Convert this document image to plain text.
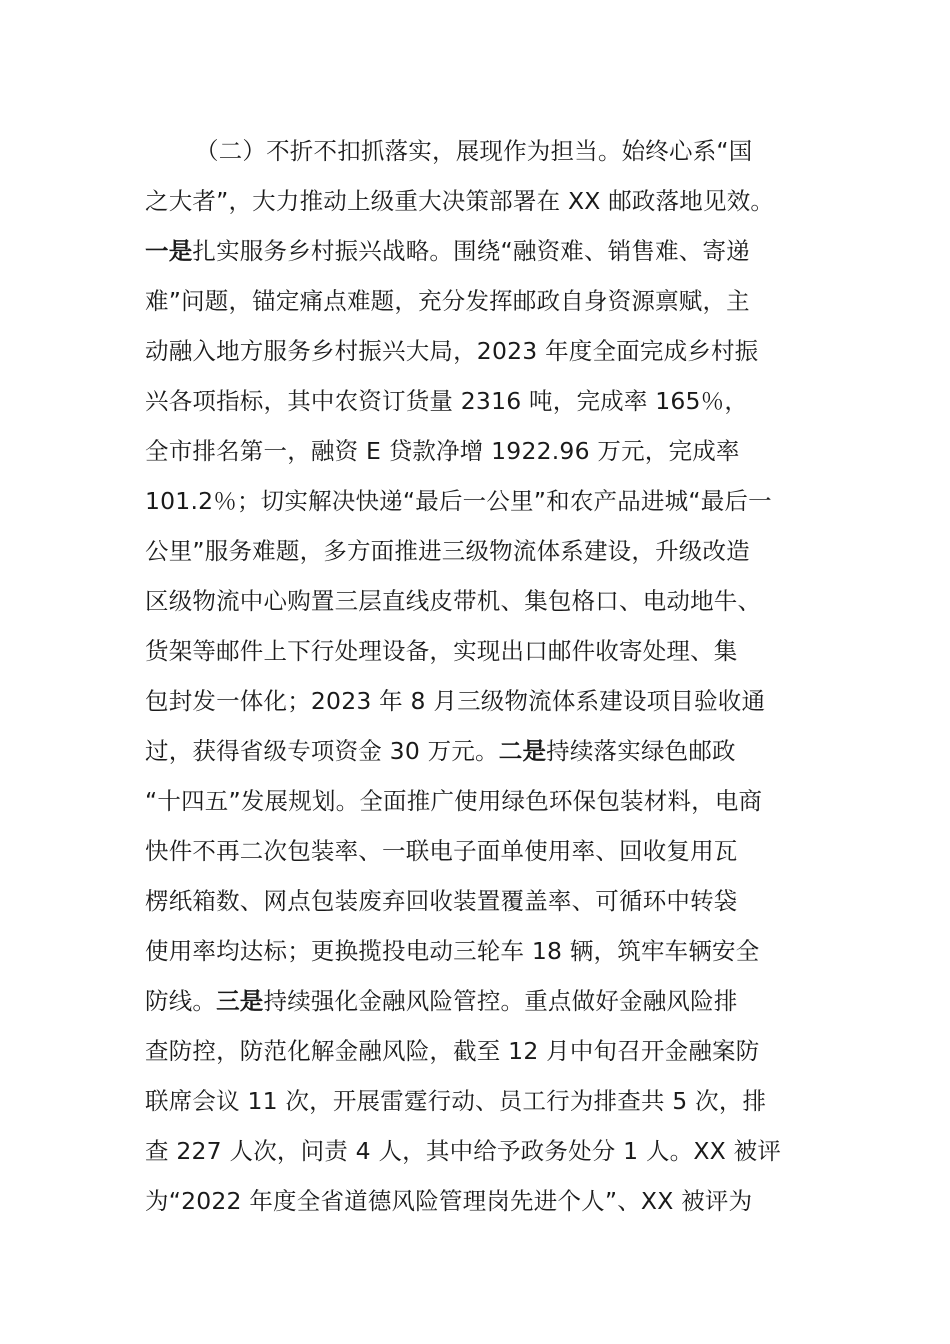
（二）不折不扣抓落实，展现作为担当。始终心系“国
之大者”，大力推动上级重大决策部署在 XX 邮政落地见效。
一是扎实服务乡村振兴战略。围绕“融资难、销售难、寄递
难”问题，锚定痛点难题，充分发挥邮政自身资源禀赋，主
动融入地方服务乡村振兴大局，2023 年度全面完成乡村振
兴各项指标，其中农资订货量 2316 吨，完成率 165％，
全市排名第一，融资 E 贷款净增 1922.96 万元，完成率
101.2％；切实解决快递“最后一公里”和农产品进城“最后一
公里”服务难题，多方面推进三级物流体系建设，升级改造
区级物流中心购置三层直线皮带机、集包格口、电动地牛、
货架等邮件上下行处理设备，实现出口邮件收寄处理、集
包封发一体化；2023 年 8 月三级物流体系建设项目验收通
过，获得省级专项资金 30 万元。二是持续落实绿色邮政
“十四五”发展规划。全面推广使用绿色环保包装材料，电商
快件不再二次包装率、一联电子面单使用率、回收复用瓦
楞纸箱数、网点包装废弃回收装置覆盖率、可循环中转袋
使用率均达标；更换揽投电动三轮车 18 辆，筑牢车辆安全
防线。三是持续强化金融风险管控。重点做好金融风险排
查防控，防范化解金融风险，截至 12 月中旬召开金融案防
联席会议 11 次，开展雷霆行动、员工行为排查共 5 次，排
查 227 人次，问责 4 人，其中给予政务处分 1 人。XX 被评
为“2022 年度全省道德风险管理岗先进个人”、XX 被评为
